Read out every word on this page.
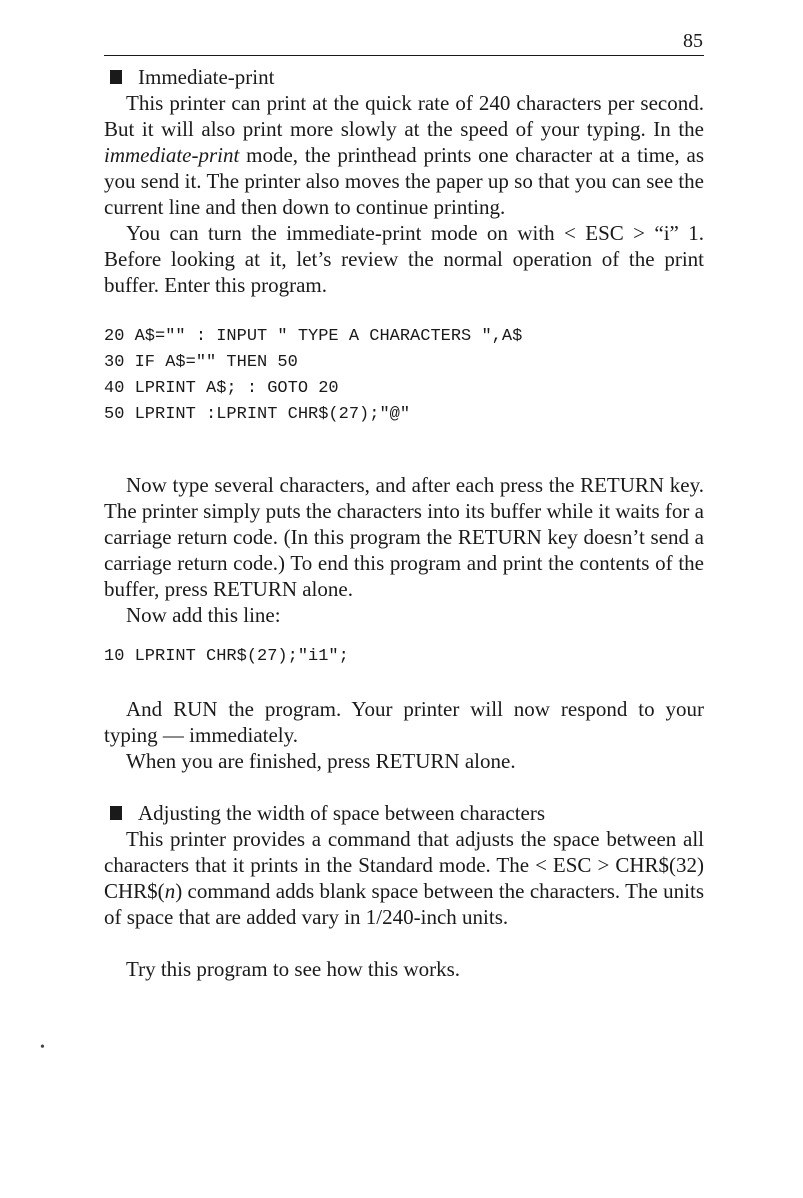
85
Immediate-print

This printer can print at the quick rate of 240 characters per second. But it will also print more slowly at the speed of your typing. In the immediate-print mode, the printhead prints one character at a time, as you send it. The printer also moves the paper up so that you can see the current line and then down to continue printing.

You can turn the immediate-print mode on with < ESC > “i” 1. Before looking at it, let’s review the normal operation of the print buffer. Enter this program.

20 A$="" : INPUT " TYPE A CHARACTERS ",A$
30 IF A$="" THEN 50
40 LPRINT A$; : GOTO 20
50 LPRINT :LPRINT CHR$(27);"@"

Now type several characters, and after each press the RETURN key. The printer simply puts the characters into its buffer while it waits for a carriage return code. (In this program the RETURN key doesn’t send a carriage return code.) To end this program and print the contents of the buffer, press RETURN alone.

Now add this line:

10 LPRINT CHR$(27);"i1";

And RUN the program. Your printer will now respond to your typing — immediately.

When you are finished, press RETURN alone.

Adjusting the width of space between characters

This printer provides a command that adjusts the space between all characters that it prints in the Standard mode. The < ESC > CHR$(32) CHR$(n) command adds blank space between the characters. The units of space that are added vary in 1/240-inch units.

Try this program to see how this works.

•
